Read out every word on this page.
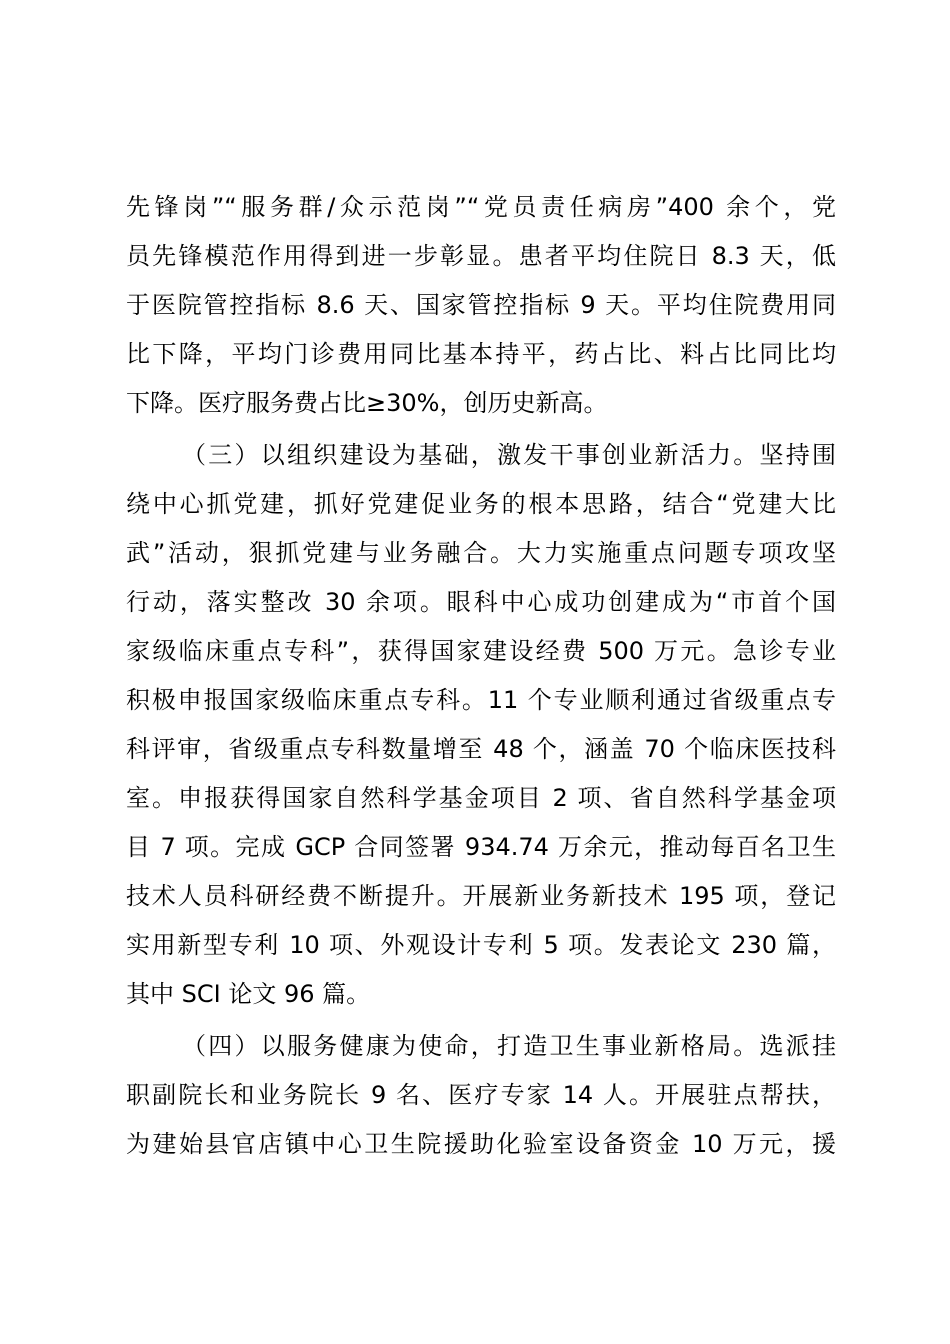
先锋岗”“服务群/众示范岗”“党员责任病房”400 余个，党
员先锋模范作用得到进一步彰显。患者平均住院日 8.3 天，低
于医院管控指标 8.6 天、国家管控指标 9 天。平均住院费用同
比下降，平均门诊费用同比基本持平，药占比、料占比同比均
下降。医疗服务费占比≥30%，创历史新高。
（三）以组织建设为基础，激发干事创业新活力。坚持围
绕中心抓党建，抓好党建促业务的根本思路，结合“党建大比
武”活动，狠抓党建与业务融合。大力实施重点问题专项攻坚
行动，落实整改 30 余项。眼科中心成功创建成为“市首个国
家级临床重点专科”，获得国家建设经费 500 万元。急诊专业
积极申报国家级临床重点专科。11 个专业顺利通过省级重点专
科评审，省级重点专科数量增至 48 个，涵盖 70 个临床医技科
室。申报获得国家自然科学基金项目 2 项、省自然科学基金项
目 7 项。完成 GCP 合同签署 934.74 万余元，推动每百名卫生
技术人员科研经费不断提升。开展新业务新技术 195 项，登记
实用新型专利 10 项、外观设计专利 5 项。发表论文 230 篇，
其中 SCI 论文 96 篇。
（四）以服务健康为使命，打造卫生事业新格局。选派挂
职副院长和业务院长 9 名、医疗专家 14 人。开展驻点帮扶，
为建始县官店镇中心卫生院援助化验室设备资金 10 万元，援
